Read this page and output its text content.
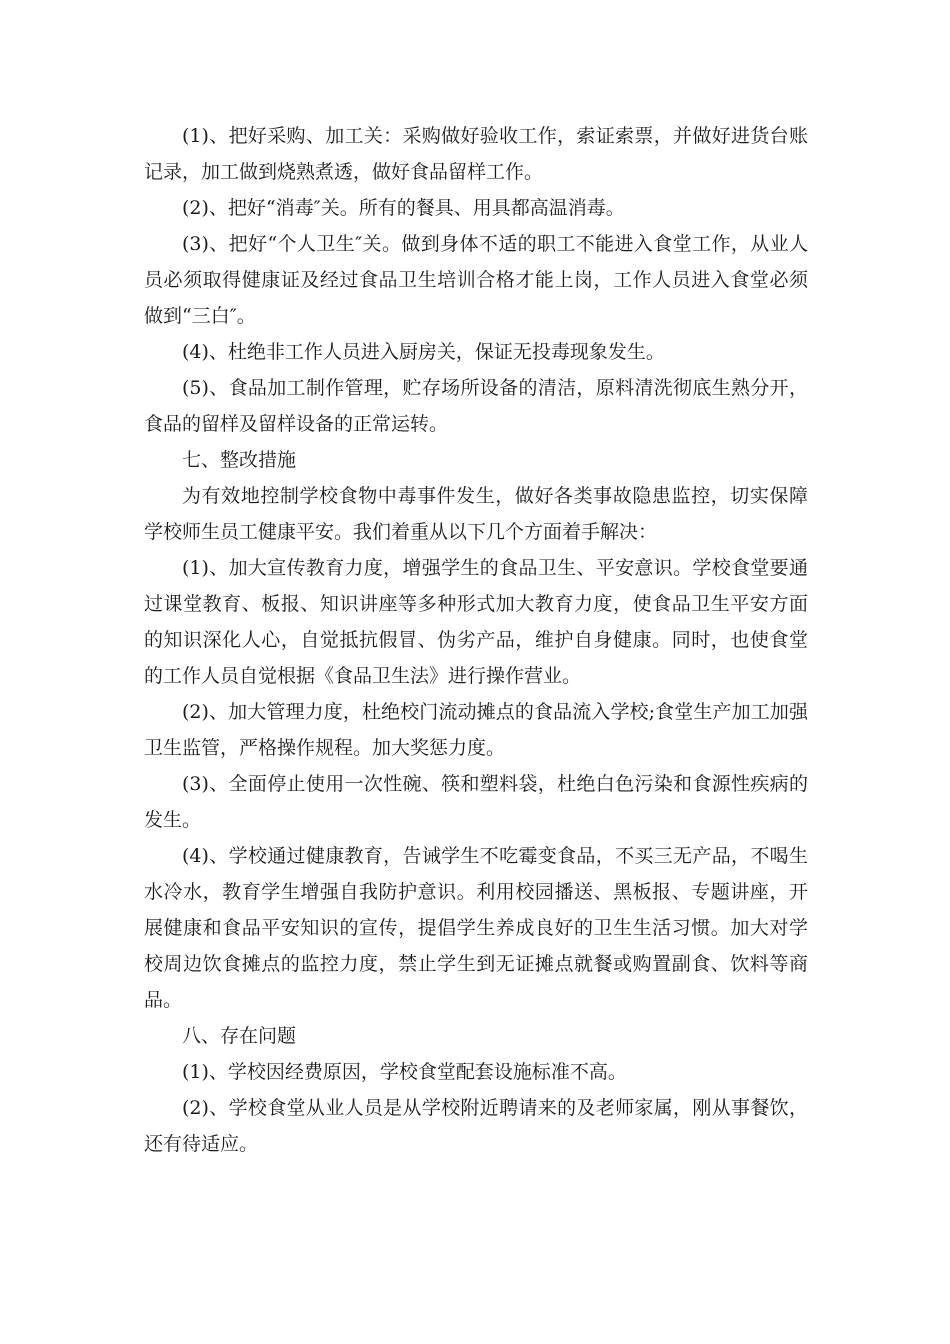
(1)、把好采购、加工关：采购做好验收工作，索证索票，并做好进货台账记录，加工做到烧熟煮透，做好食品留样工作。

(2)、把好“消毒″关。所有的餐具、用具都高温消毒。

(3)、把好“个人卫生″关。做到身体不适的职工不能进入食堂工作，从业人员必须取得健康证及经过食品卫生培训合格才能上岗，工作人员进入食堂必须做到“三白″。

(4)、杜绝非工作人员进入厨房关，保证无投毒现象发生。

(5)、食品加工制作管理，贮存场所设备的清洁，原料清洗彻底生熟分开，食品的留样及留样设备的正常运转。

七、整改措施

为有效地控制学校食物中毒事件发生，做好各类事故隐患监控，切实保障学校师生员工健康平安。我们着重从以下几个方面着手解决：

(1)、加大宣传教育力度，增强学生的食品卫生、平安意识。学校食堂要通过课堂教育、板报、知识讲座等多种形式加大教育力度，使食品卫生平安方面的知识深化人心，自觉抵抗假冒、伪劣产品，维护自身健康。同时，也使食堂的工作人员自觉根据《食品卫生法》进行操作营业。

(2)、加大管理力度，杜绝校门流动摊点的食品流入学校;食堂生产加工加强卫生监管，严格操作规程。加大奖惩力度。

(3)、全面停止使用一次性碗、筷和塑料袋，杜绝白色污染和食源性疾病的发生。

(4)、学校通过健康教育，告诫学生不吃霉变食品，不买三无产品，不喝生水冷水，教育学生增强自我防护意识。利用校园播送、黑板报、专题讲座，开展健康和食品平安知识的宣传，提倡学生养成良好的卫生生活习惯。加大对学校周边饮食摊点的监控力度，禁止学生到无证摊点就餐或购置副食、饮料等商品。

八、存在问题

(1)、学校因经费原因，学校食堂配套设施标准不高。

(2)、学校食堂从业人员是从学校附近聘请来的及老师家属，刚从事餐饮，还有待适应。
